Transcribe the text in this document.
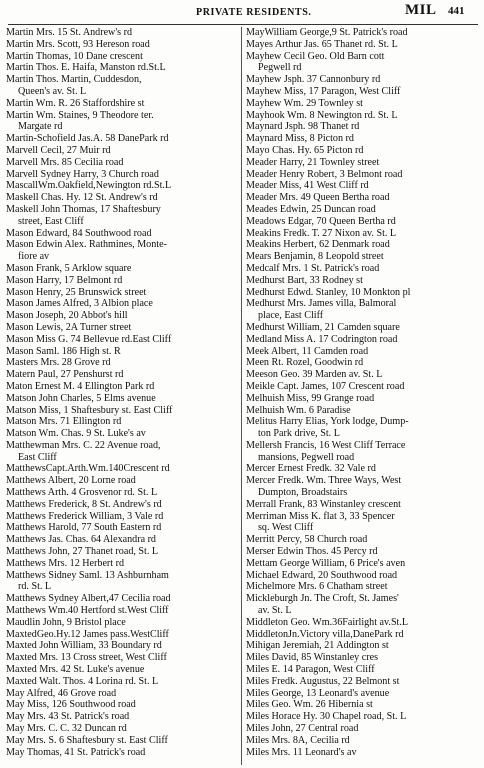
PRIVATE RESIDENTS.	MIL 441

Martin Mrs. 15 St. Andrew's rd

Martin Mrs. Scott, 93 Hereson road

Martin Thomas, 10 Dane crescent

Martin Thos. E. Haifa, Manston rd.St.L

Martin Thos. Martin, Cuddesdon,

Queen's av. St. L

Martin Wm. R. 26 Staffordshire st

Martin Wm. Staines, 9 Theodore ter.

Margate rd

Martin-Schofield Jas.A. 58 DanePark rd

Marvell Cecil, 27 Muir rd

Marvell Mrs. 85 Cecilia road

Marvell Sydney Harry, 3 Church road

MascallWm.Oakfield,Newington rd.St.L

Maskell Chas. Hy. 12 St. Andrew's rd

Maskell John Thomas, 17 Shaftesbury

street, East Cliff

Mason Edward, 84 Southwood road

Mason Edwin Alex. Rathmines, Monte-

fiore av

Mason Frank, 5 Arklow square

Mason Harry, 17 Belmont rd

Mason Henry, 25 Brunswick street

Mason James Alfred, 3 Albion place

Mason Joseph, 20 Abbot's hill

Mason Lewis, 2A Turner street

Mason Miss G. 74 Bellevue rd.East Cliff

Mason Saml. 186 High st. R

Masters Mrs. 28 Grove rd

Matern Paul, 27 Penshurst rd

Maton Ernest M. 4 Ellington Park rd

Matson John Charles, 5 Elms avenue

Matson Miss, 1 Shaftesbury st. East Cliff

Matson Mrs. 71 Ellington rd

Matson Wm. Chas. 9 St. Luke's av

Matthewman Mrs. C. 22 Avenue road,

East Cliff

MatthewsCapt.Arth.Wm.140Crescent rd

Matthews Albert, 20 Lorne road

Matthews Arth. 4 Grosvenor rd. St. L

Matthews Frederick, 8 St. Andrew's rd

Matthews Frederick William, 3 Vale rd

Matthews Harold, 77 South Eastern rd

Matthews Jas. Chas. 64 Alexandra rd

Matthews John, 27 Thanet road, St. L

Matthews Mrs. 12 Herbert rd

Matthews Sidney Saml. 13 Ashburnham

rd. St. L

Matthews Sydney Albert,47 Cecilia road

Matthews Wm.40 Hertford st.West Cliff

Maudlin John, 9 Bristol place

MaxtedGeo.Hy.12 James pass.WestCliff

Maxted John William, 33 Boundary rd

Maxted Mrs. 13 Cross street, West Cliff

Maxted Mrs. 42 St. Luke's avenue

Maxted Walt. Thos. 4 Lorina rd. St. L

May Alfred, 46 Grove road

May Miss, 126 Southwood road

May Mrs. 43 St. Patrick's road

May Mrs. C. C. 32 Duncan rd

May Mrs. S. 6 Shaftesbury st. East Cliff

May Thomas, 41 St. Patrick's road

MayWilliam George,9 St. Patrick's road

Mayes Arthur Jas. 65 Thanet rd. St. L

Mayhew Cecil Geo. Old Barn cott

Pegwell rd

Mayhew Jsph. 37 Cannonbury rd

Mayhew Miss, 17 Paragon, West Cliff

Mayhew Wm. 29 Townley st

Mayhook Wm. 8 Newington rd. St. L

Maynard Jsph. 98 Thanet rd

Maynard Miss, 8 Picton rd

Mayo Chas. Hy. 65 Picton rd

Meader Harry, 21 Townley street

Meader Henry Robert, 3 Belmont road

Meader Miss, 41 West Cliff rd

Meader Mrs. 49 Queen Bertha road

Meades Edwin, 25 Duncan road

Meadows Edgar, 70 Queen Bertha rd

Meakins Fredk. T. 27 Nixon av. St. L

Meakins Herbert, 62 Denmark road

Mears Benjamin, 8 Leopold street

Medcalf Mrs. 1 St. Patrick's road

Medhurst Bart, 33 Rodney st

Medhurst Edwd. Stanley, 10 Monkton pl

Medhurst Mrs. James villa, Balmoral

place, East Cliff

Medhurst William, 21 Camden square

Medland Miss A. 17 Codrington road

Meek Albert, 11 Camden road

Meen Rt. Rozel, Goodwin rd

Meeson Geo. 39 Marden av. St. L

Meikle Capt. James, 107 Crescent road

Melhuish Miss, 99 Grange road

Melhuish Wm. 6 Paradise

Melitus Harry Elias, York lodge, Dump-

ton Park drive, St. L

Mellersh Francis, 16 West Cliff Terrace

mansions, Pegwell road

Mercer Ernest Fredk. 32 Vale rd

Mercer Fredk. Wm. Three Ways, West

Dumpton, Broadstairs

Merrall Frank, 83 Winstanley crescent

Merriman Miss K. flat 3, 33 Spencer

sq. West Cliff

Merritt Percy, 58 Church road

Merser Edwin Thos. 45 Percy rd

Mettam George William, 6 Price's aven

Michael Edward, 20 Southwood road

Michelmore Mrs. 6 Chatham street

Mickleburgh Jn. The Croft, St. James'

av. St. L

Middleton Geo. Wm.36Fairlight av.St.L

MiddletonJn.Victory villa,DanePark rd

Mihigan Jeremiah, 21 Addington st

Miles David, 85 Winstanley cres

Miles E. 14 Paragon, West Cliff

Miles Fredk. Augustus, 22 Belmont st

Miles George, 13 Leonard's avenue

Miles Geo. Wm. 26 Hibernia st

Miles Horace Hy. 30 Chapel road, St. L

Miles John, 27 Central road

Miles Mrs. 8A, Cecilia rd

Miles Mrs. 11 Leonard's av
